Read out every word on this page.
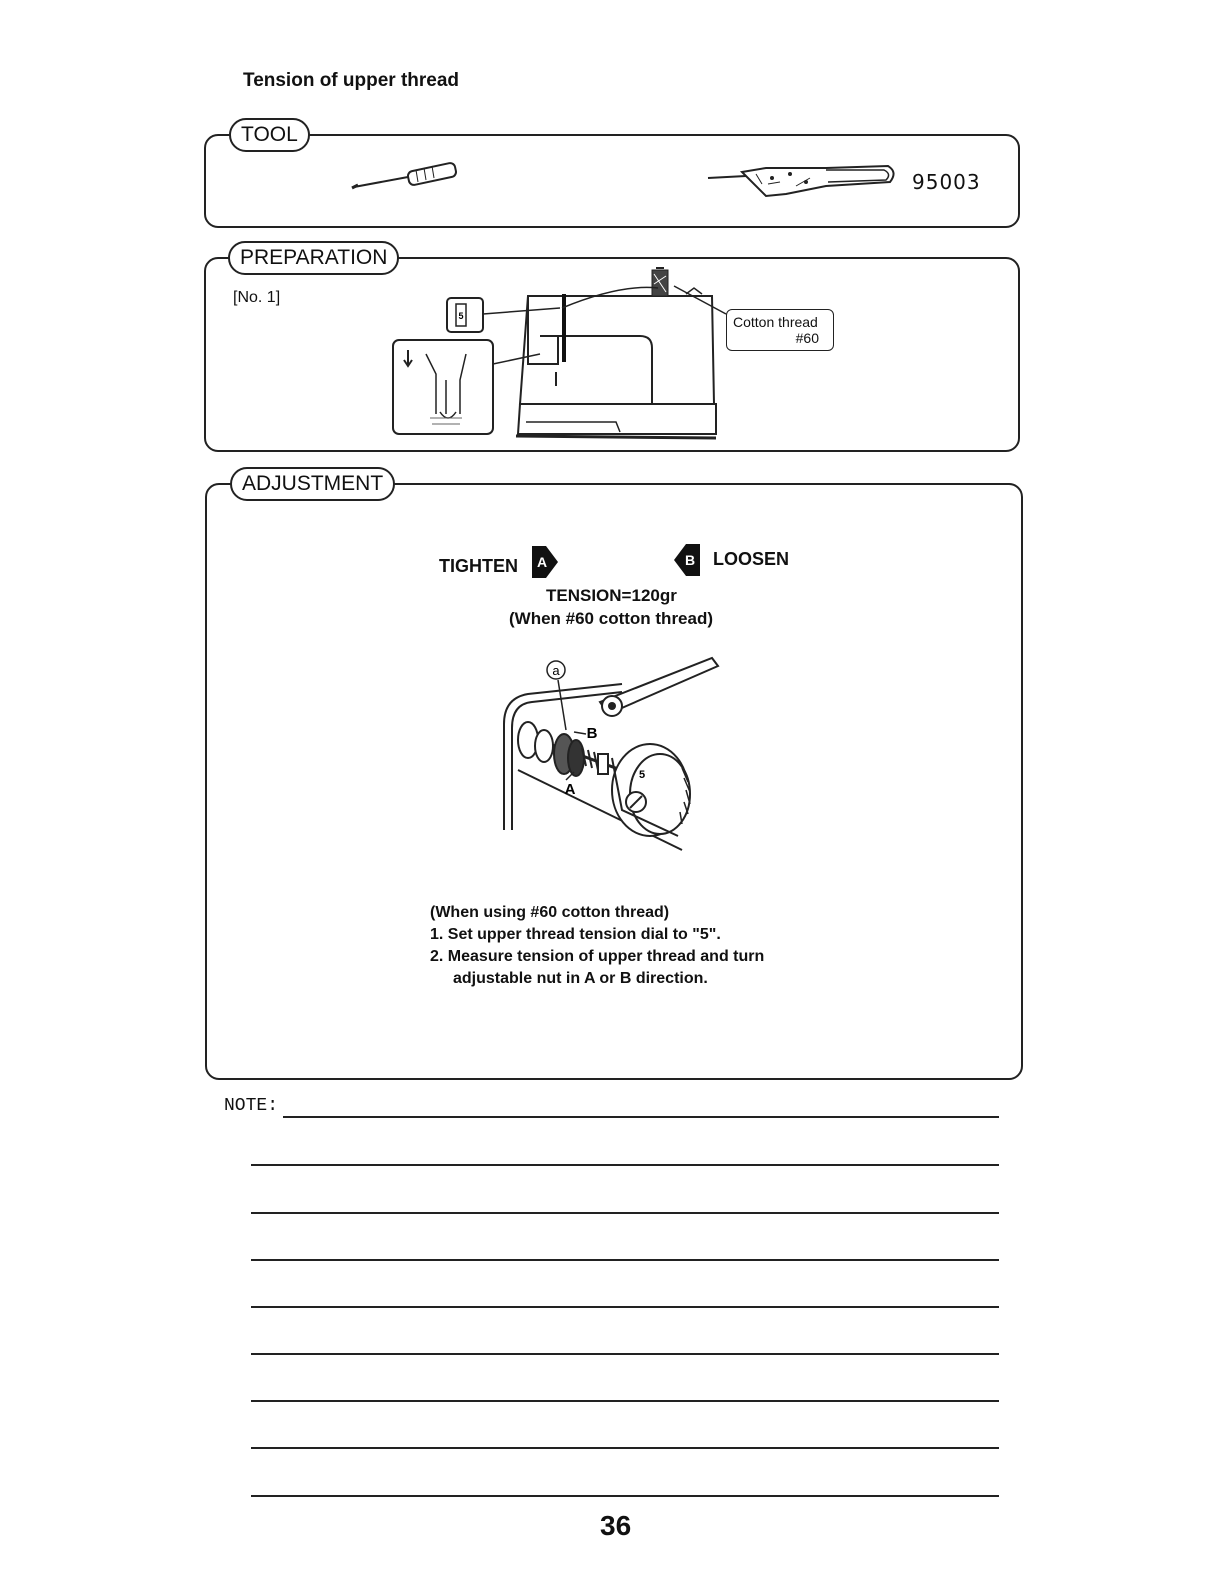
Tension of upper thread
TOOL
95003
PREPARATION
[No. 1]
5	Cotton thread
#60
ADJUSTMENT
TIGHTEN A	B LOOSEN
TENSION=120gr
(When #60 cotton thread)
a
5
B
A
(When using #60 cotton thread)
1. Set upper thread tension dial to "5".
2. Measure tension of upper thread and turn
adjustable nut in A or B direction.
NOTE:
36
